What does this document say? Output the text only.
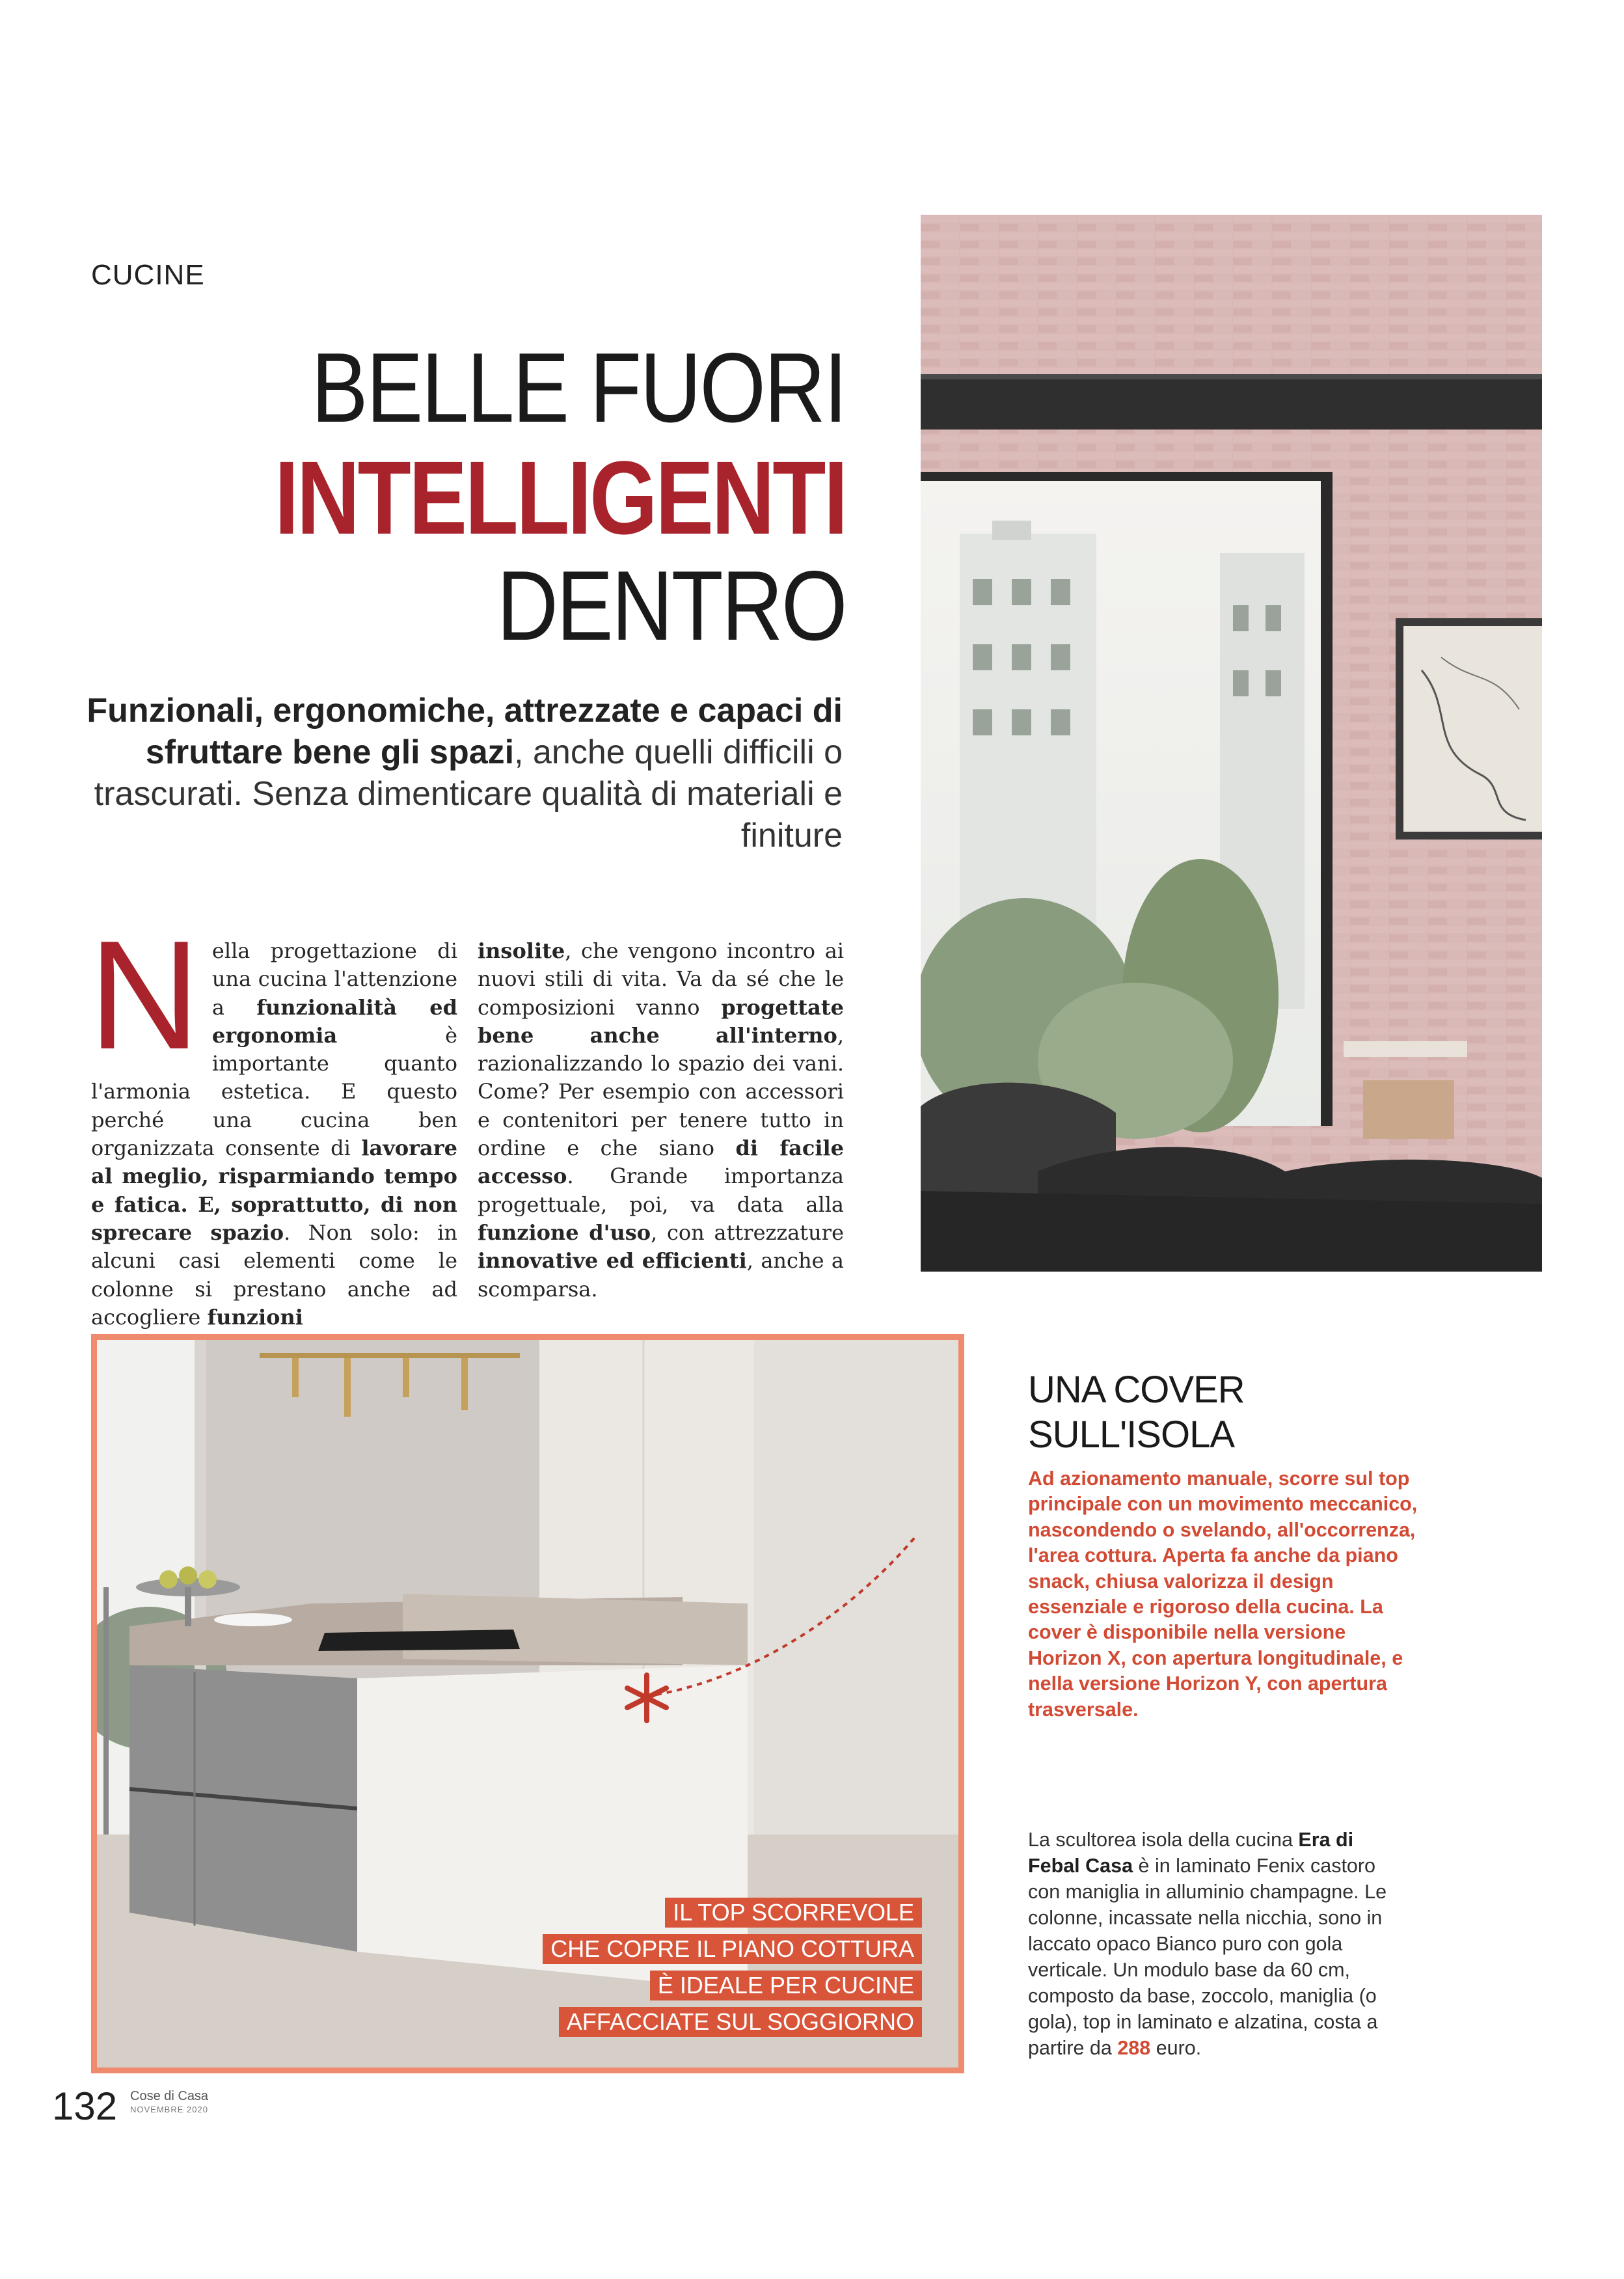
CUCINE
BELLE FUORI
INTELLIGENTI
DENTRO
Funzionali, ergonomiche, attrezzate e capaci di sfruttare bene gli spazi, anche quelli difficili o trascurati. Senza dimenticare qualità di materiali e finiture
Nella progettazione di una cucina l'attenzione a funzionalità ed ergonomia è importante quanto l'armonia estetica. E questo perché una cucina ben organizzata consente di lavorare al meglio, risparmiando tempo e fatica. E, soprattutto, di non sprecare spazio. Non solo: in alcuni casi elementi come le colonne si prestano anche ad accogliere funzioni
insolite, che vengono incontro ai nuovi stili di vita. Va da sé che le composizioni vanno progettate bene anche all'interno, razionalizzando lo spazio dei vani. Come? Per esempio con accessori e contenitori per tenere tutto in ordine e che siano di facile accesso. Grande importanza progettuale, poi, va data alla funzione d'uso, con attrezzature innovative ed efficienti, anche a scomparsa.
IL TOP SCORREVOLE
CHE COPRE IL PIANO COTTURA
È IDEALE PER CUCINE
AFFACCIATE SUL SOGGIORNO
UNA COVER
SULL'ISOLA
Ad azionamento manuale, scorre sul top principale con un movimento meccanico, nascondendo o svelando, all'occorrenza, l'area cottura. Aperta fa anche da piano snack, chiusa valorizza il design essenziale e rigoroso della cucina. La cover è disponibile nella versione Horizon X, con apertura longitudinale, e nella versione Horizon Y, con apertura trasversale.
La scultorea isola della cucina Era di Febal Casa è in laminato Fenix castoro con maniglia in alluminio champagne. Le colonne, incassate nella nicchia, sono in laccato opaco Bianco puro con gola verticale. Un modulo base da 60 cm, composto da base, zoccolo, maniglia (o gola), top in laminato e alzatina, costa a partire da 288 euro.
132 Cose di Casa
NOVEMBRE 2020
